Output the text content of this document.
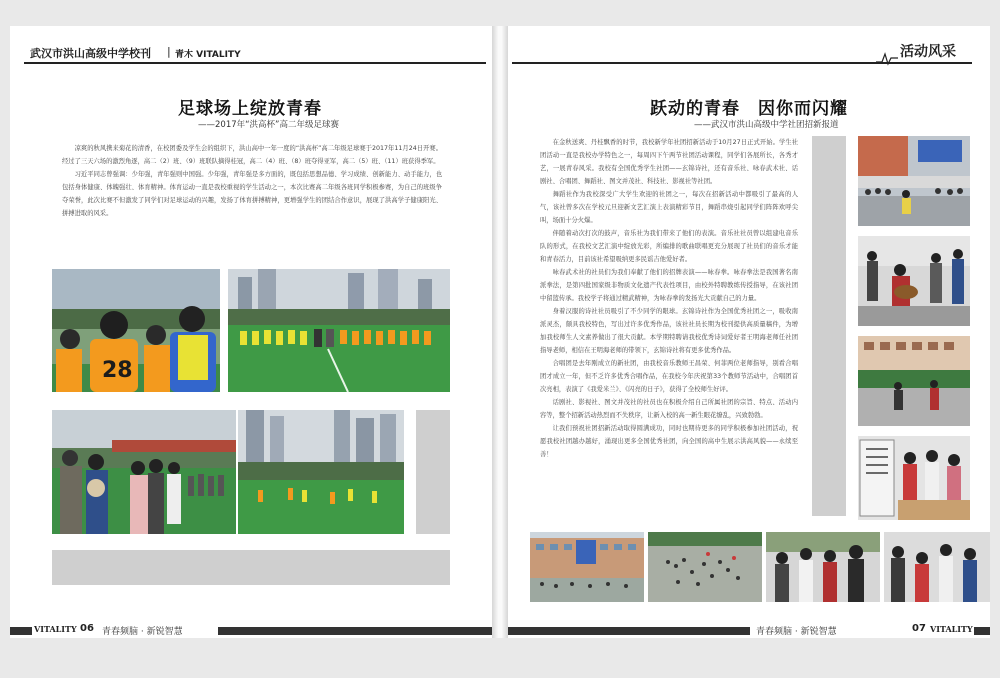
武汉市洪山高级中学校刊 | 青木 VITALITY
足球场上绽放青春
——2017年“洪高杯”高二年级足球赛

凉爽的秋风携来菊花的清香，在校团委及学生会的组织下，洪山高中一年一度的“洪高杯”高二年级足球赛于2017年11月24日开赛。经过了三天六场的激烈角逐，高二（2）班、（9）班联队摘得桂冠，高二（4）班、（8）班夺得亚军，高二（5）班、（11）班获得季军。

习近平同志曾强调：少年强，青年强则中国强。少年强，青年强是多方面的，既包括思想品德、学习成绩、创新能力、动手能力，也包括身体健康、体魄强壮、体育精神。体育运动一直是我校重视的学生活动之一，本次比赛高二年级各班同学积极参赛，为自己的班级争夺荣誉，此次比赛不但激发了同学们对足球运动的兴趣，发扬了体育拼搏精神，更增强学生的团结合作意识，展现了洪高学子健康阳光、拼搏进取的风采。

28
VITALITY 06 青春频脑 · 新锐智慧
活动风采
跃动的青春　因你而闪耀
——武汉市洪山高级中学社团招新报道

在金秋送爽、丹桂飘香的时节，我校新学年社团招新活动于10月27日正式开始。学生社团活动一直是我校办学特色之一，每周四下午两节社团活动课程，同学们各展所长，各秀才艺，一展青春风采。我校有全国优秀学生社团——玄锦诗社，还有音乐社、咏春武术社、话剧社、合唱团、舞蹈社、图文并茂社、科技社、影视社等社团。

舞蹈社作为我校深受广大学生欢迎的社团之一，每次在招新活动中都吸引了最高的人气，该社曾多次在学校元旦迎新文艺汇演上表演精彩节目，舞蹈串烧引起同学们阵阵欢呼尖叫，场面十分火爆。

伴随着动次打次的鼓声，音乐社为我们带来了他们的表演。音乐社社员曾以组建电音乐队的形式，在我校文艺汇演中绽放光彩，所编排的歌曲联唱更充分展现了社员们的音乐才能和青春活力，目前该社希望吸纳更多民谣吉他爱好者。

咏春武术社的社员们为我们奉献了他们的招牌表演——咏春拳。咏春拳法是我国著名南派拳法，是第四批国家级非物质文化遗产代表性项目，由校外特聘教练传授指导，在该社团中留篮传承。我校学子将通过精武精神，为咏春拳的发扬光大贡献自己的力量。

身着汉服的诗社社员吸引了不少同学的眼球。玄锦诗社作为全国优秀社团之一，吸收南派灵杰，颇具我校特色，写出过许多优秀作品，该社社员长期为校刊提供高质量稿件，为增加我校师生人文素养做出了很大贡献。本学期特聘请我校优秀诗词爱好者王明海老师任社团指导老师，相信在王明海老师的带领下，玄锦诗社将有更多优秀作品。

合唱团是去年刚成立的新社团，由我校音乐教师王昌荣、何菲两位老师指导，别看合唱团才成立一年，但不乏许多优秀合唱作品，在我校今年庆祝第33个教师节活动中，合唱团首次亮相，表演了《我爱米兰》、《闪亮的日子》，获得了全校师生好评。

话剧社、影视社、图文并茂社的社员也在积极介绍自己所属社团的宗旨、特点、活动内容等，整个招新活动热烈而不失秩序，让新入校的高一新生眼花缭乱，兴致勃勃。

让我们预祝社团招新活动取得圆满成功，同时也期待更多的同学积极参加社团活动，祝愿我校社团越办越好，涌现出更多全国优秀社团，向全国的高中生展示洪高风貌——永续至善！

青春频脑 · 新锐智慧	07 VITALITY
